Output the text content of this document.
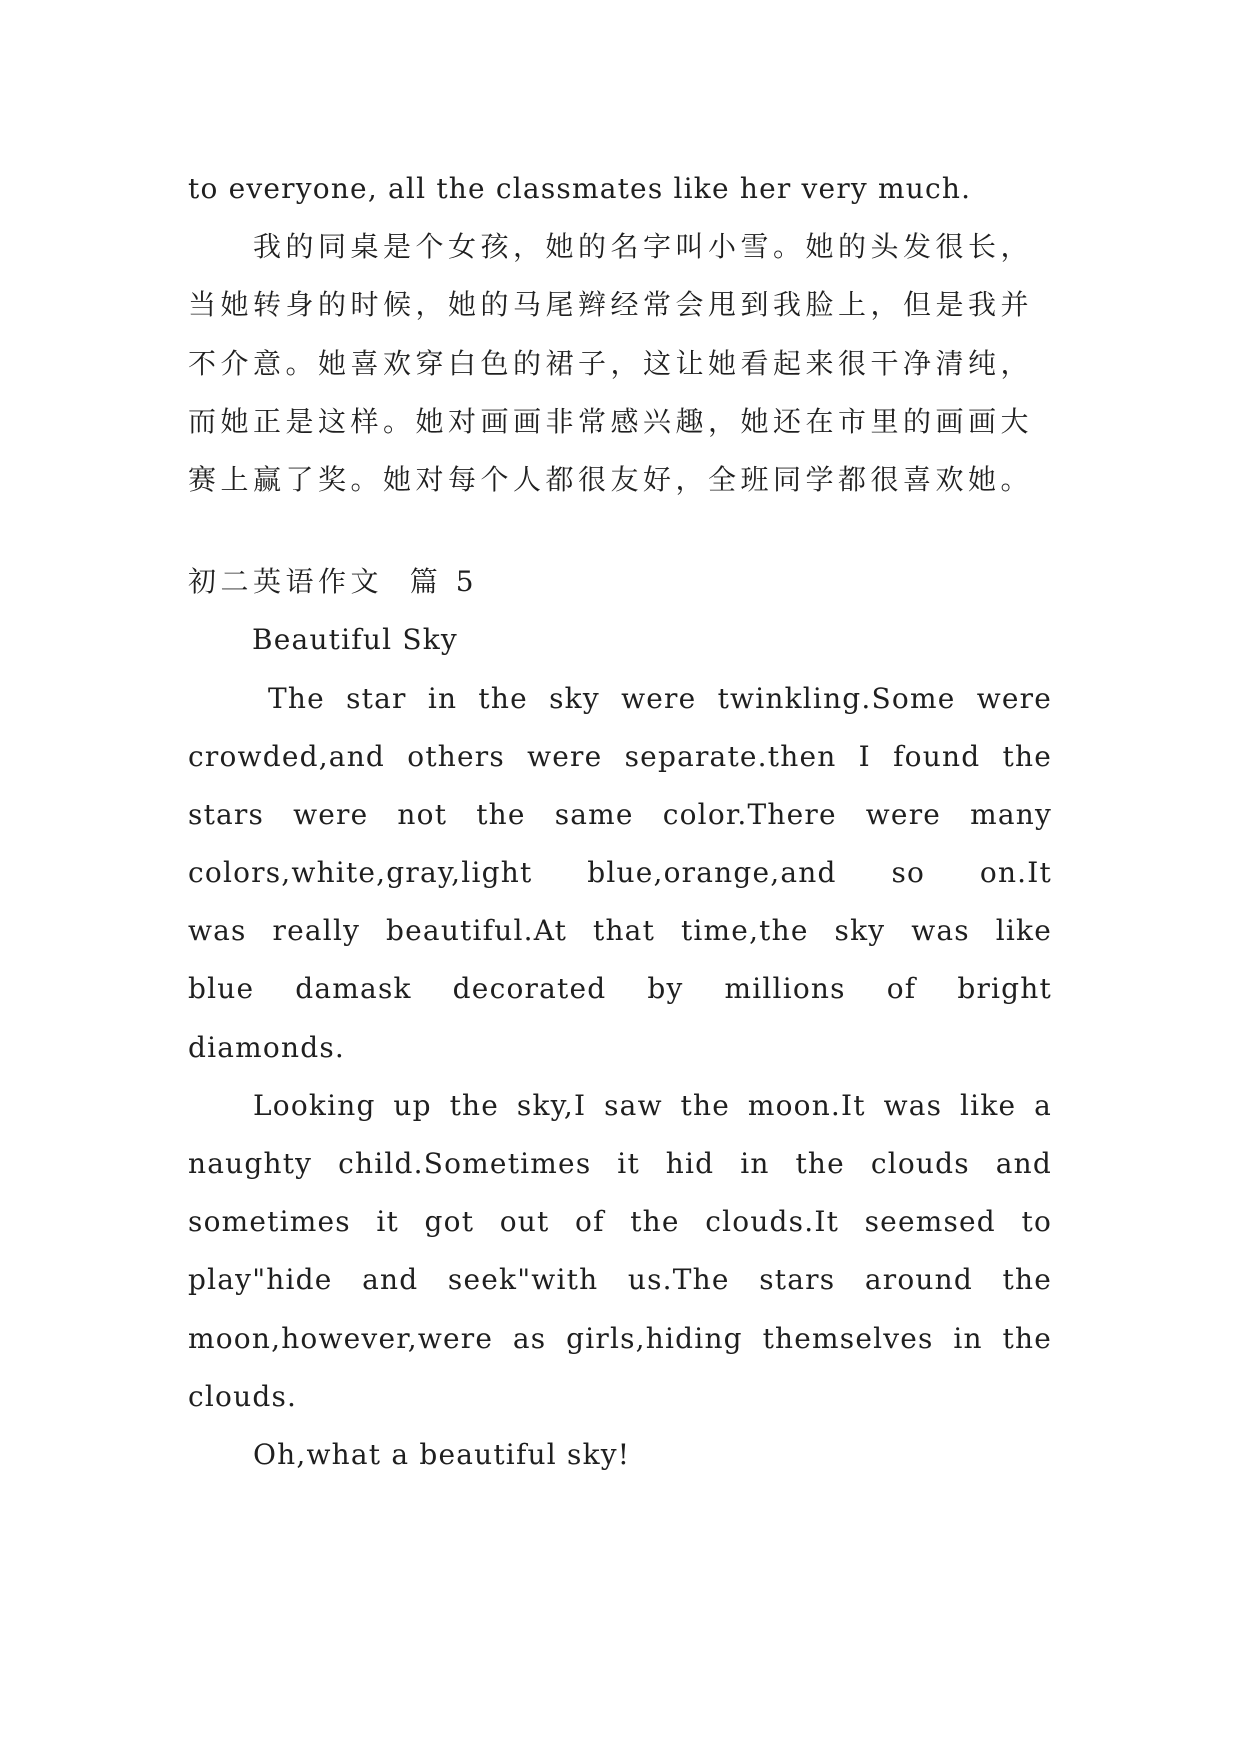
to everyone, all the classmates like her very much.
我的同桌是个女孩，她的名字叫小雪。她的头发很长，
当她转身的时候，她的马尾辫经常会甩到我脸上，但是我并
不介意。她喜欢穿白色的裙子，这让她看起来很干净清纯，
而她正是这样。她对画画非常感兴趣，她还在市里的画画大
赛上赢了奖。她对每个人都很友好，全班同学都很喜欢她。
初二英语作文  篇 5
Beautiful Sky
The star in the sky were twinkling.Some were
crowded,and others were separate.then I found the
stars were not the same color.There were many
colors,white,gray,light blue,orange,and so on.It
was really beautiful.At that time,the sky was like
blue damask decorated by millions of bright
diamonds.
Looking up the sky,I saw the moon.It was like a
naughty child.Sometimes it hid in the clouds and
sometimes it got out of the clouds.It seemsed to
play"hide and seek"with us.The stars around the
moon,however,were as girls,hiding themselves in the
clouds.
Oh,what a beautiful sky!
